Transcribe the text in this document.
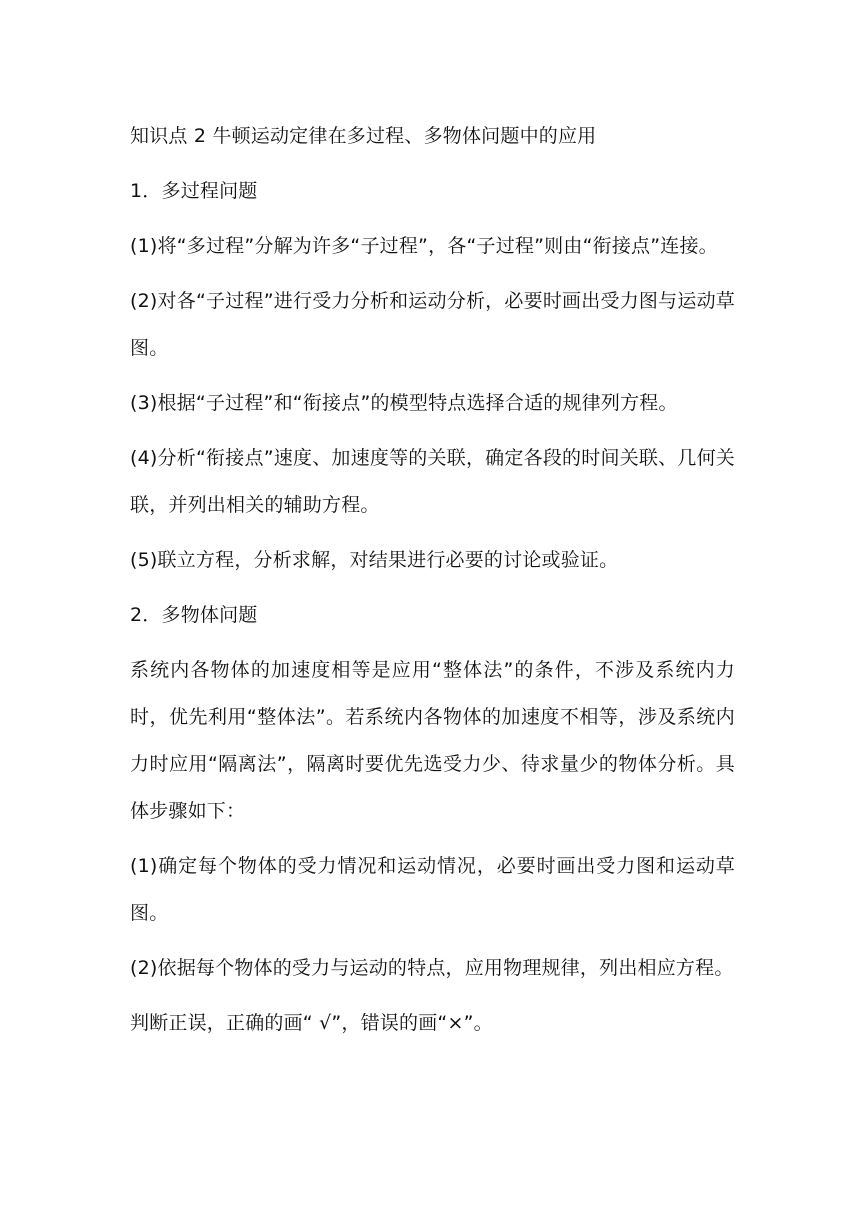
知识点 2 牛顿运动定律在多过程、多物体问题中的应用

1．多过程问题

(1)将“多过程”分解为许多“子过程”，各“子过程”则由“衔接点”连接。

(2)对各“子过程”进行受力分析和运动分析，必要时画出受力图与运动草图。

(3)根据“子过程”和“衔接点”的模型特点选择合适的规律列方程。

(4)分析“衔接点”速度、加速度等的关联，确定各段的时间关联、几何关联，并列出相关的辅助方程。

(5)联立方程，分析求解，对结果进行必要的讨论或验证。

2．多物体问题

系统内各物体的加速度相等是应用“整体法”的条件，不涉及系统内力时，优先利用“整体法”。若系统内各物体的加速度不相等，涉及系统内力时应用“隔离法”，隔离时要优先选受力少、待求量少的物体分析。具体步骤如下：

(1)确定每个物体的受力情况和运动情况，必要时画出受力图和运动草图。

(2)依据每个物体的受力与运动的特点，应用物理规律，列出相应方程。

判断正误，正确的画“ √”，错误的画“×”。
